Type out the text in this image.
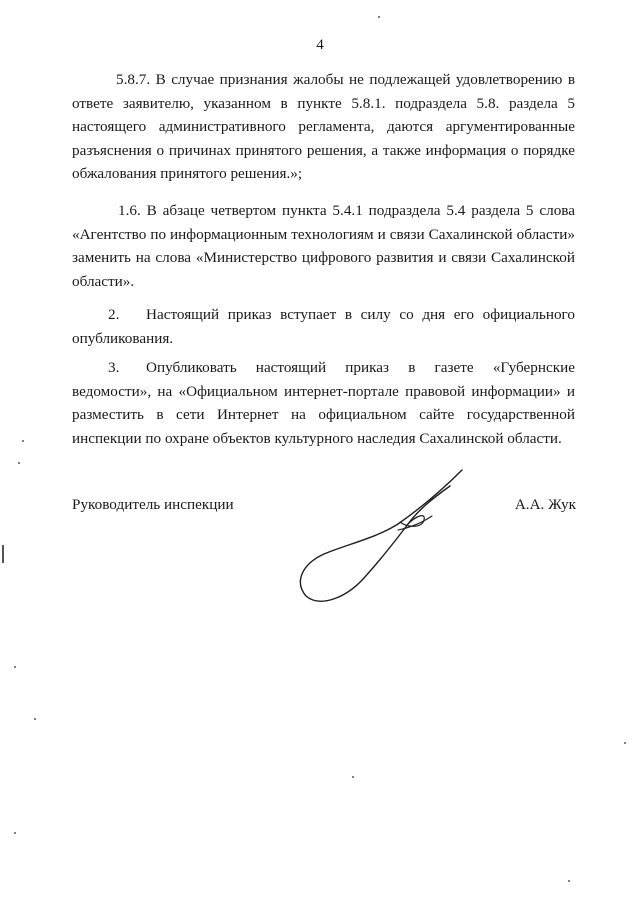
4

5.8.7. В случае признания жалобы не подлежащей удовлетворению в ответе заявителю, указанном в пункте 5.8.1. подраздела 5.8. раздела 5 настоящего административного регламента, даются аргументированные разъяснения о причинах принятого решения, а также информация о порядке обжалования принятого решения.»;

1.6. В абзаце четвертом пункта 5.4.1 подраздела 5.4 раздела 5 слова «Агентство по информационным технологиям и связи Сахалинской области» заменить на слова «Министерство цифрового развития и связи Сахалинской области».

2. Настоящий приказ вступает в силу со дня его официального опубликования.

3. Опубликовать настоящий приказ в газете «Губернские ведомости», на «Официальном интернет-портале правовой информации» и разместить в сети Интернет на официальном сайте государственной инспекции по охране объектов культурного наследия Сахалинской области.

Руководитель инспекции	А.А. Жук
